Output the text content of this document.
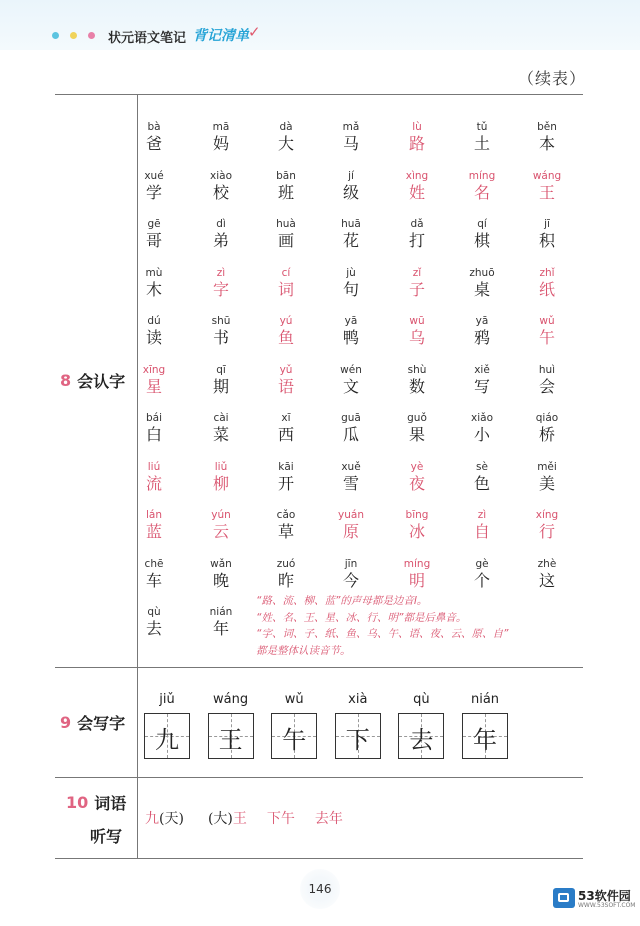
状元语文笔记 背记清单 ✓
（续表）
8 会认字
9 会写字
10 词语
听写
bà
爸
mā
妈
dà
大
mǎ
马
lù
路
tǔ
土
běn
本
xué
学
xiào
校
bān
班
jí
级
xìng
姓
míng
名
wáng
王
gē
哥
dì
弟
huà
画
huā
花
dǎ
打
qí
棋
jī
积
mù
木
zì
字
cí
词
jù
句
zǐ
子
zhuō
桌
zhǐ
纸
dú
读
shū
书
yú
鱼
yā
鸭
wū
乌
yā
鸦
wǔ
午
xīng
星
qī
期
yǔ
语
wén
文
shù
数
xiě
写
huì
会
bái
白
cài
菜
xī
西
guā
瓜
guǒ
果
xiǎo
小
qiáo
桥
liú
流
liǔ
柳
kāi
开
xuě
雪
yè
夜
sè
色
měi
美
lán
蓝
yún
云
cǎo
草
yuán
原
bīng
冰
zì
自
xíng
行
chē
车
wǎn
晚
zuó
昨
jīn
今
míng
明
gè
个
zhè
这
qù
去
nián
年
“路、流、柳、蓝”的声母都是边音l。
“姓、名、王、星、冰、行、明”都是后鼻音。
“字、词、子、纸、鱼、乌、午、语、夜、云、原、自”
都是整体认读音节。
jiǔ
九
wáng
王
wǔ
午
xià
下
qù
去
nián
年
九(天) (大)王 下午 去年
146	53软件园
WWW.53SOFT.COM
